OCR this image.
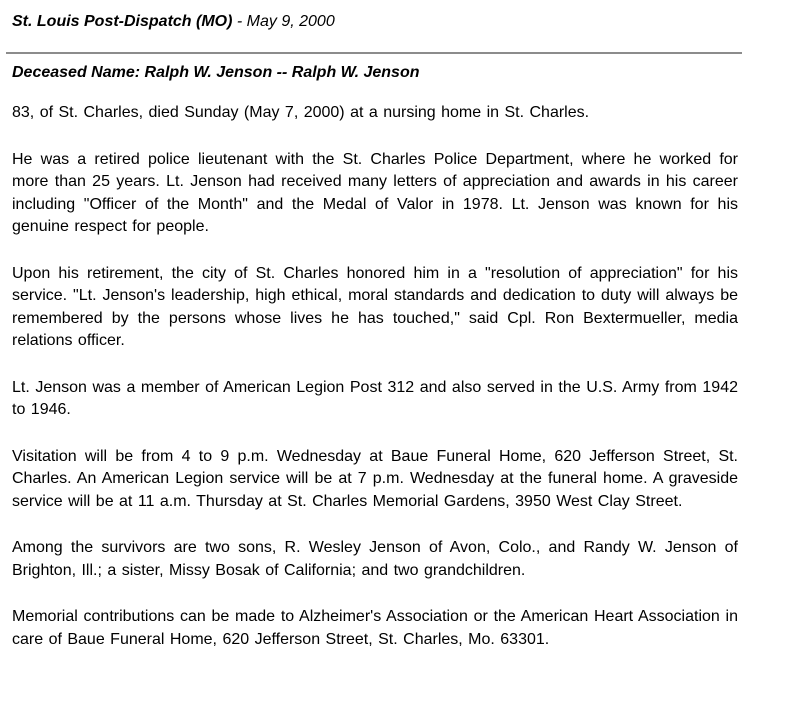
St. Louis Post-Dispatch (MO) - May 9, 2000
Deceased Name: Ralph W. Jenson -- Ralph W. Jenson

83, of St. Charles, died Sunday (May 7, 2000) at a nursing home in St. Charles.

He was a retired police lieutenant with the St. Charles Police Department, where he worked for more than 25 years. Lt. Jenson had received many letters of appreciation and awards in his career including "Officer of the Month" and the Medal of Valor in 1978. Lt. Jenson was known for his genuine respect for people.

Upon his retirement, the city of St. Charles honored him in a "resolution of appreciation" for his service. "Lt. Jenson's leadership, high ethical, moral standards and dedication to duty will always be remembered by the persons whose lives he has touched," said Cpl. Ron Bextermueller, media relations officer.

Lt. Jenson was a member of American Legion Post 312 and also served in the U.S. Army from 1942 to 1946.

Visitation will be from 4 to 9 p.m. Wednesday at Baue Funeral Home, 620 Jefferson Street, St. Charles. An American Legion service will be at 7 p.m. Wednesday at the funeral home. A graveside service will be at 11 a.m. Thursday at St. Charles Memorial Gardens, 3950 West Clay Street.

Among the survivors are two sons, R. Wesley Jenson of Avon, Colo., and Randy W. Jenson of Brighton, Ill.; a sister, Missy Bosak of California; and two grandchildren.

Memorial contributions can be made to Alzheimer's Association or the American Heart Association in care of Baue Funeral Home, 620 Jefferson Street, St. Charles, Mo. 63301.
